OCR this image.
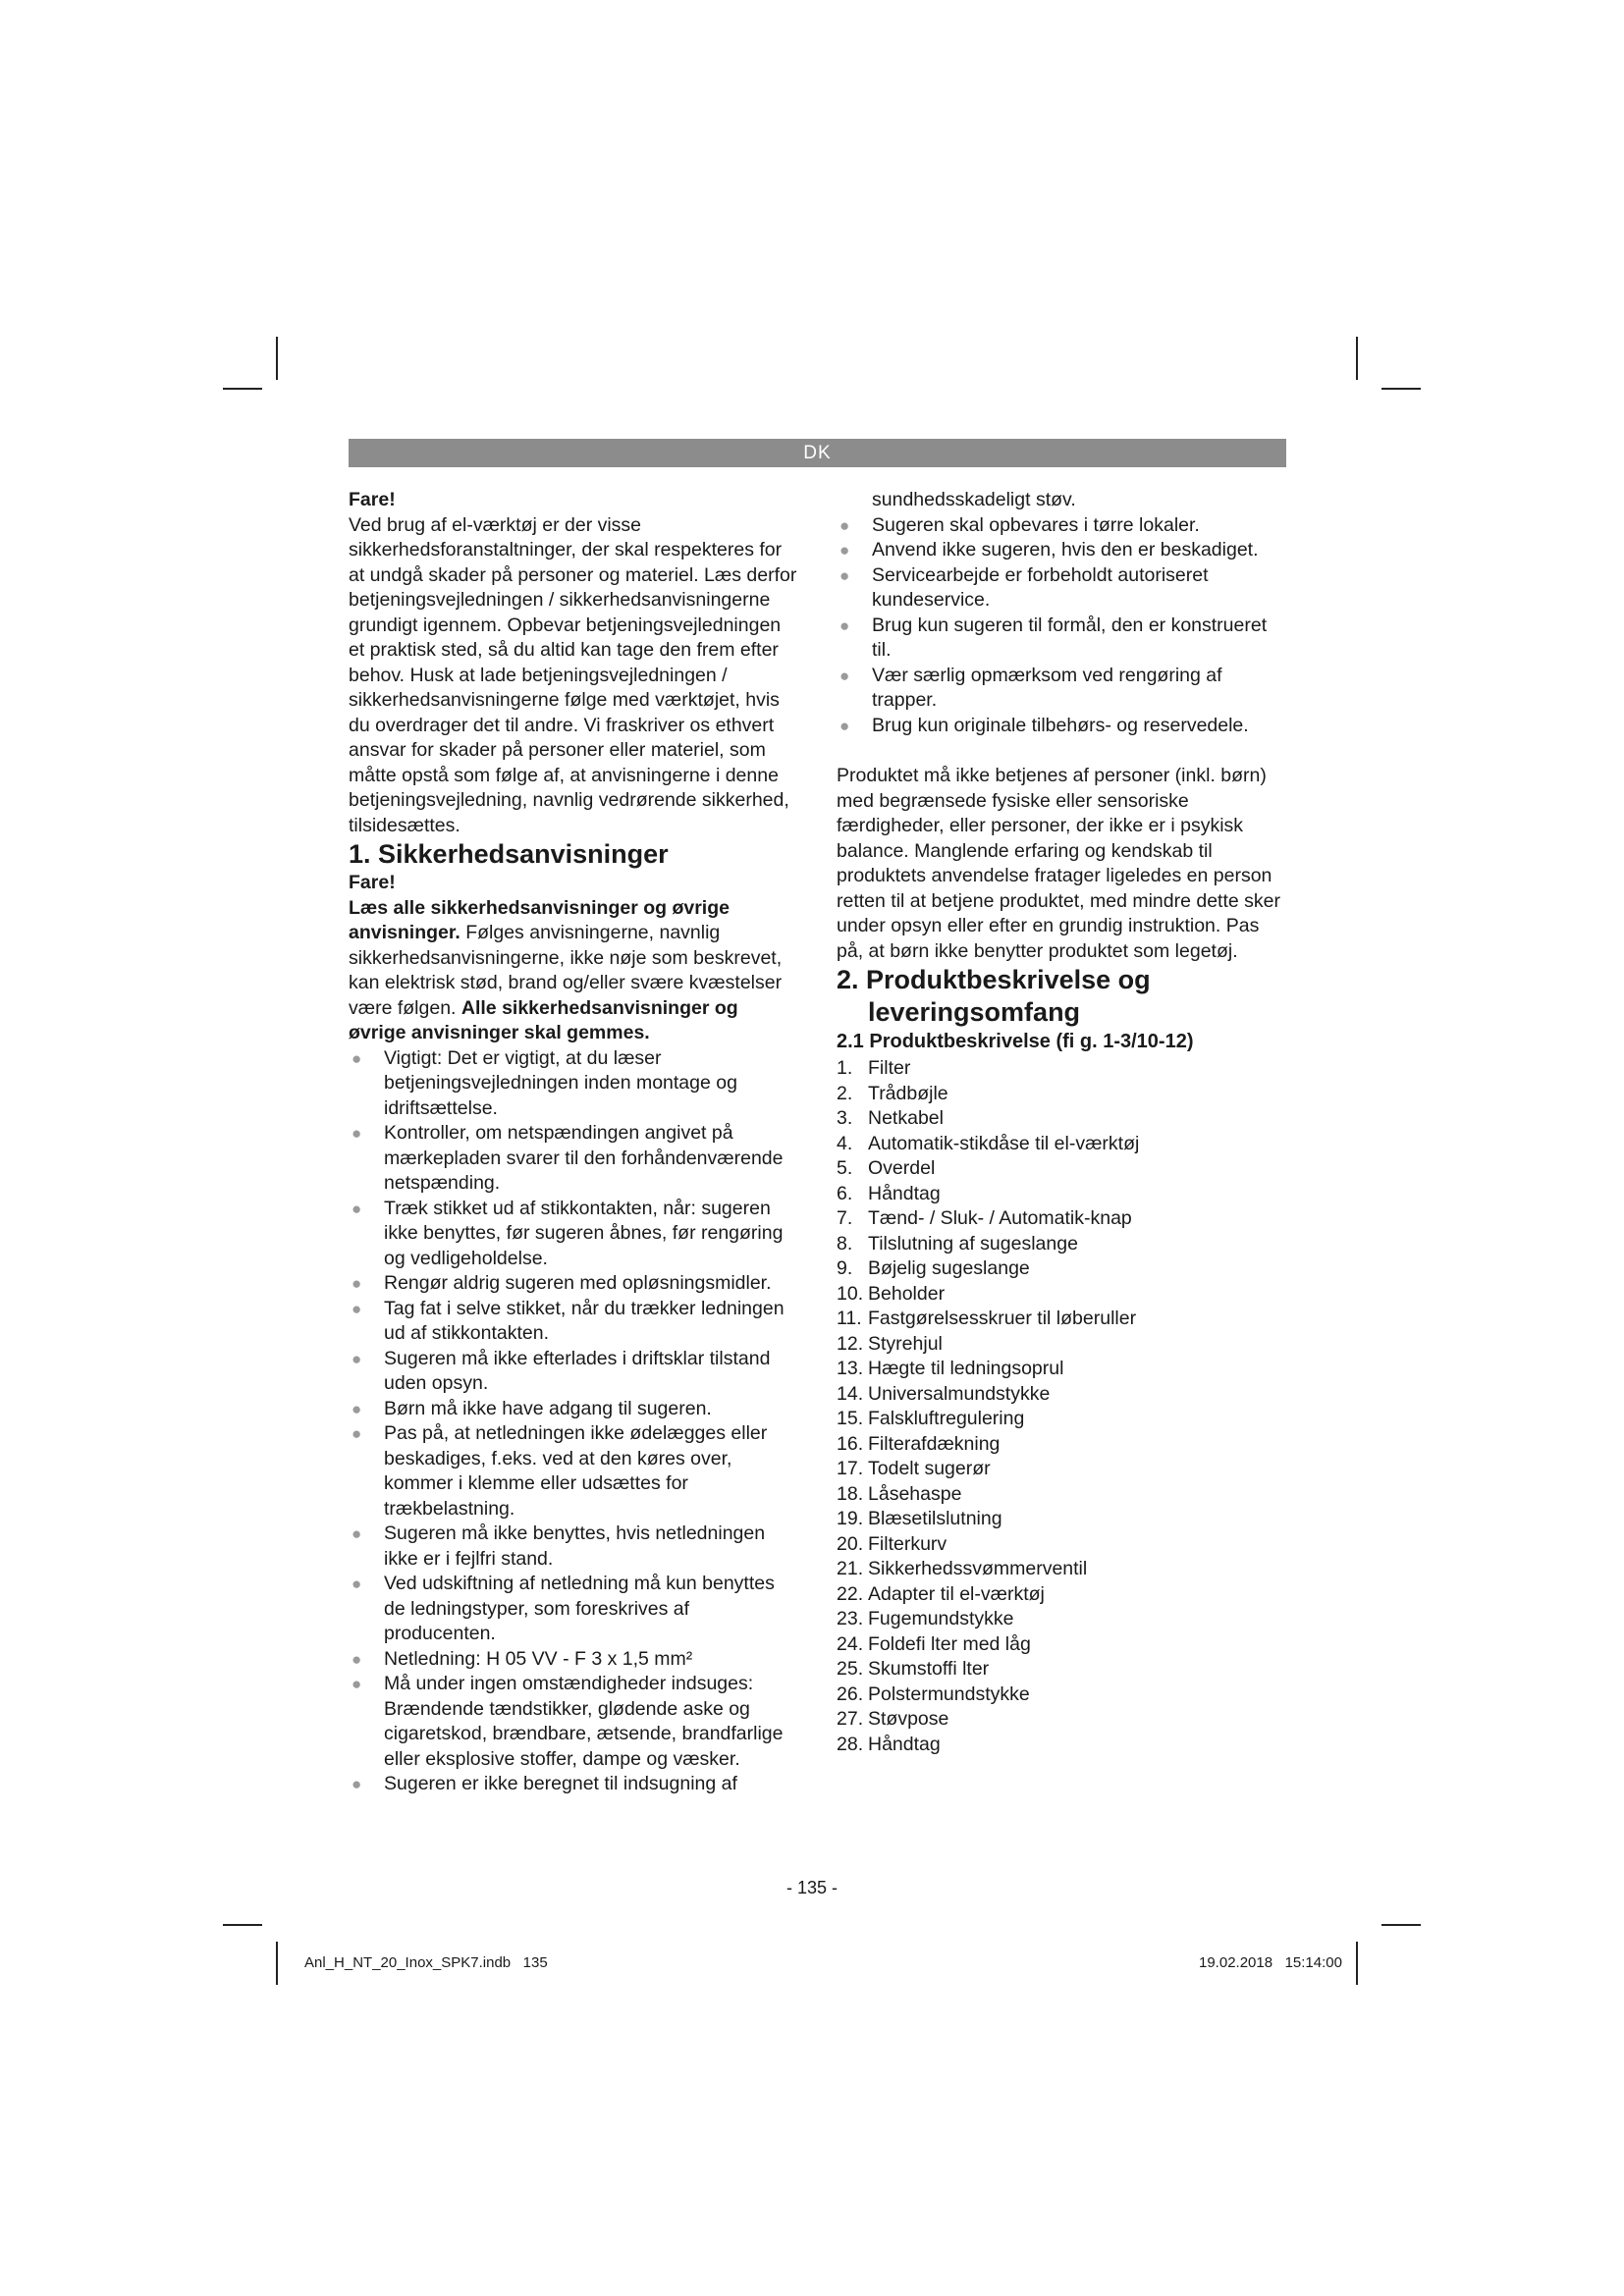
DK

Fare!

Ved brug af el-værktøj er der visse sikkerhedsforanstaltninger, der skal respekteres for at undgå skader på personer og materiel. Læs derfor betjeningsvejledningen / sikkerhedsanvisningerne grundigt igennem. Opbevar betjeningsvejledningen et praktisk sted, så du altid kan tage den frem efter behov. Husk at lade betjeningsvejledningen / sikkerhedsanvisningerne følge med værktøjet, hvis du overdrager det til andre. Vi fraskriver os ethvert ansvar for skader på personer eller materiel, som måtte opstå som følge af, at anvisningerne i denne betjeningsvejledning, navnlig vedrørende sikkerhed, tilsidesættes.

1. Sikkerhedsanvisninger

Fare!

Læs alle sikkerhedsanvisninger og øvrige anvisninger. Følges anvisningerne, navnlig sikkerhedsanvisningerne, ikke nøje som beskrevet, kan elektrisk stød, brand og/eller svære kvæstelser være følgen. Alle sikkerhedsanvisninger og øvrige anvisninger skal gemmes.

● Vigtigt: Det er vigtigt, at du læser betjeningsvejledningen inden montage og idriftsættelse.
● Kontroller, om netspændingen angivet på mærkepladen svarer til den forhåndenværende netspænding.
● Træk stikket ud af stikkontakten, når: sugeren ikke benyttes, før sugeren åbnes, før rengøring og vedligeholdelse.
● Rengør aldrig sugeren med opløsningsmidler.
● Tag fat i selve stikket, når du trækker ledningen ud af stikkontakten.
● Sugeren må ikke efterlades i driftsklar tilstand uden opsyn.
● Børn må ikke have adgang til sugeren.
● Pas på, at netledningen ikke ødelægges eller beskadiges, f.eks. ved at den køres over, kommer i klemme eller udsættes for trækbelastning.
● Sugeren må ikke benyttes, hvis netledningen ikke er i fejlfri stand.
● Ved udskiftning af netledning må kun benyttes de ledningstyper, som foreskrives af producenten.
● Netledning: H 05 VV - F 3 x 1,5 mm²
● Må under ingen omstændigheder indsuges: Brændende tændstikker, glødende aske og cigaretskod, brændbare, ætsende, brandfarlige eller eksplosive stoffer, dampe og væsker.
● Sugeren er ikke beregnet til indsugning af

sundhedsskadeligt støv.

● Sugeren skal opbevares i tørre lokaler.
● Anvend ikke sugeren, hvis den er beskadiget.
● Servicearbejde er forbeholdt autoriseret kundeservice.
● Brug kun sugeren til formål, den er konstrueret til.
● Vær særlig opmærksom ved rengøring af trapper.
● Brug kun originale tilbehørs- og reservedele.

Produktet må ikke betjenes af personer (inkl. børn) med begrænsede fysiske eller sensoriske færdigheder, eller personer, der ikke er i psykisk balance. Manglende erfaring og kendskab til produktets anvendelse fratager ligeledes en person retten til at betjene produktet, med mindre dette sker under opsyn eller efter en grundig instruktion. Pas på, at børn ikke benytter produktet som legetøj.

2. Produktbeskrivelse og
leveringsomfang
2.1 Produktbeskrivelse (fi g. 1-3/10-12)
1. Filter
2. Trådbøjle
3. Netkabel
4. Automatik-stikdåse til el-værktøj
5. Overdel
6. Håndtag
7. Tænd- / Sluk- / Automatik-knap
8. Tilslutning af sugeslange
9. Bøjelig sugeslange
10. Beholder
11. Fastgørelsesskruer til løberuller
12. Styrehjul
13. Hægte til ledningsoprul
14. Universalmundstykke
15. Falskluftregulering
16. Filterafdækning
17. Todelt sugerør
18. Låsehaspe
19. Blæsetilslutning
20. Filterkurv
21. Sikkerhedssvømmerventil
22. Adapter til el-værktøj
23. Fugemundstykke
24. Foldefi lter med låg
25. Skumstoffi lter
26. Polstermundstykke
27. Støvpose
28. Håndtag
- 135 -
Anl_H_NT_20_Inox_SPK7.indb   135	19.02.2018   15:14:00
